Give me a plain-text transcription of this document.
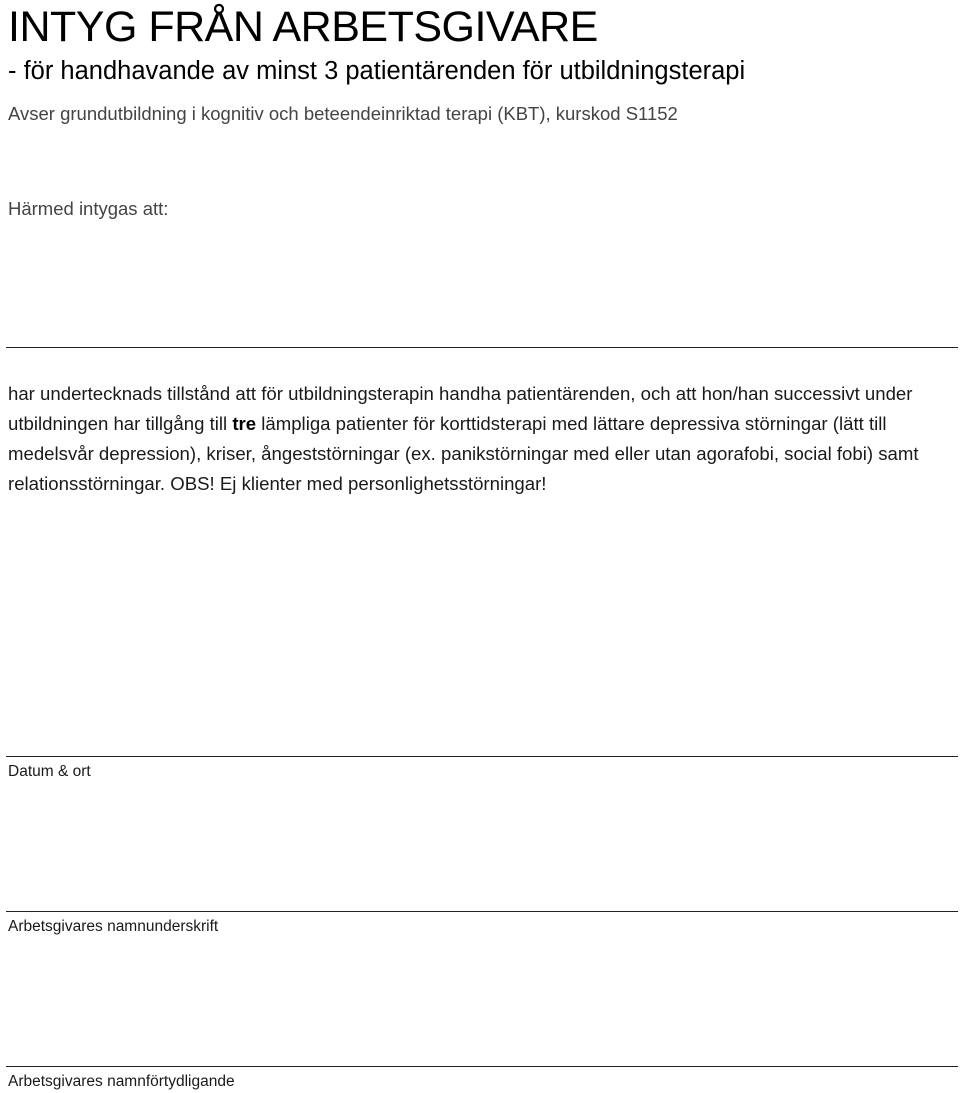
INTYG FRÅN ARBETSGIVARE
- för handhavande av minst 3 patientärenden för utbildningsterapi
Avser grundutbildning i kognitiv och beteendeinriktad terapi (KBT), kurskod S1152
Härmed intygas att:
har undertecknads tillstånd att för utbildningsterapin handha patientärenden, och att hon/han successivt under utbildningen har tillgång till tre lämpliga patienter för korttidsterapi med lättare depressiva störningar (lätt till medelsvår depression), kriser, ångeststörningar (ex. panikstörningar med eller utan agorafobi, social fobi) samt relationsstörningar. OBS! Ej klienter med personlighetsstörningar!
Datum & ort
Arbetsgivares namnunderskrift
Arbetsgivares namnförtydligande
